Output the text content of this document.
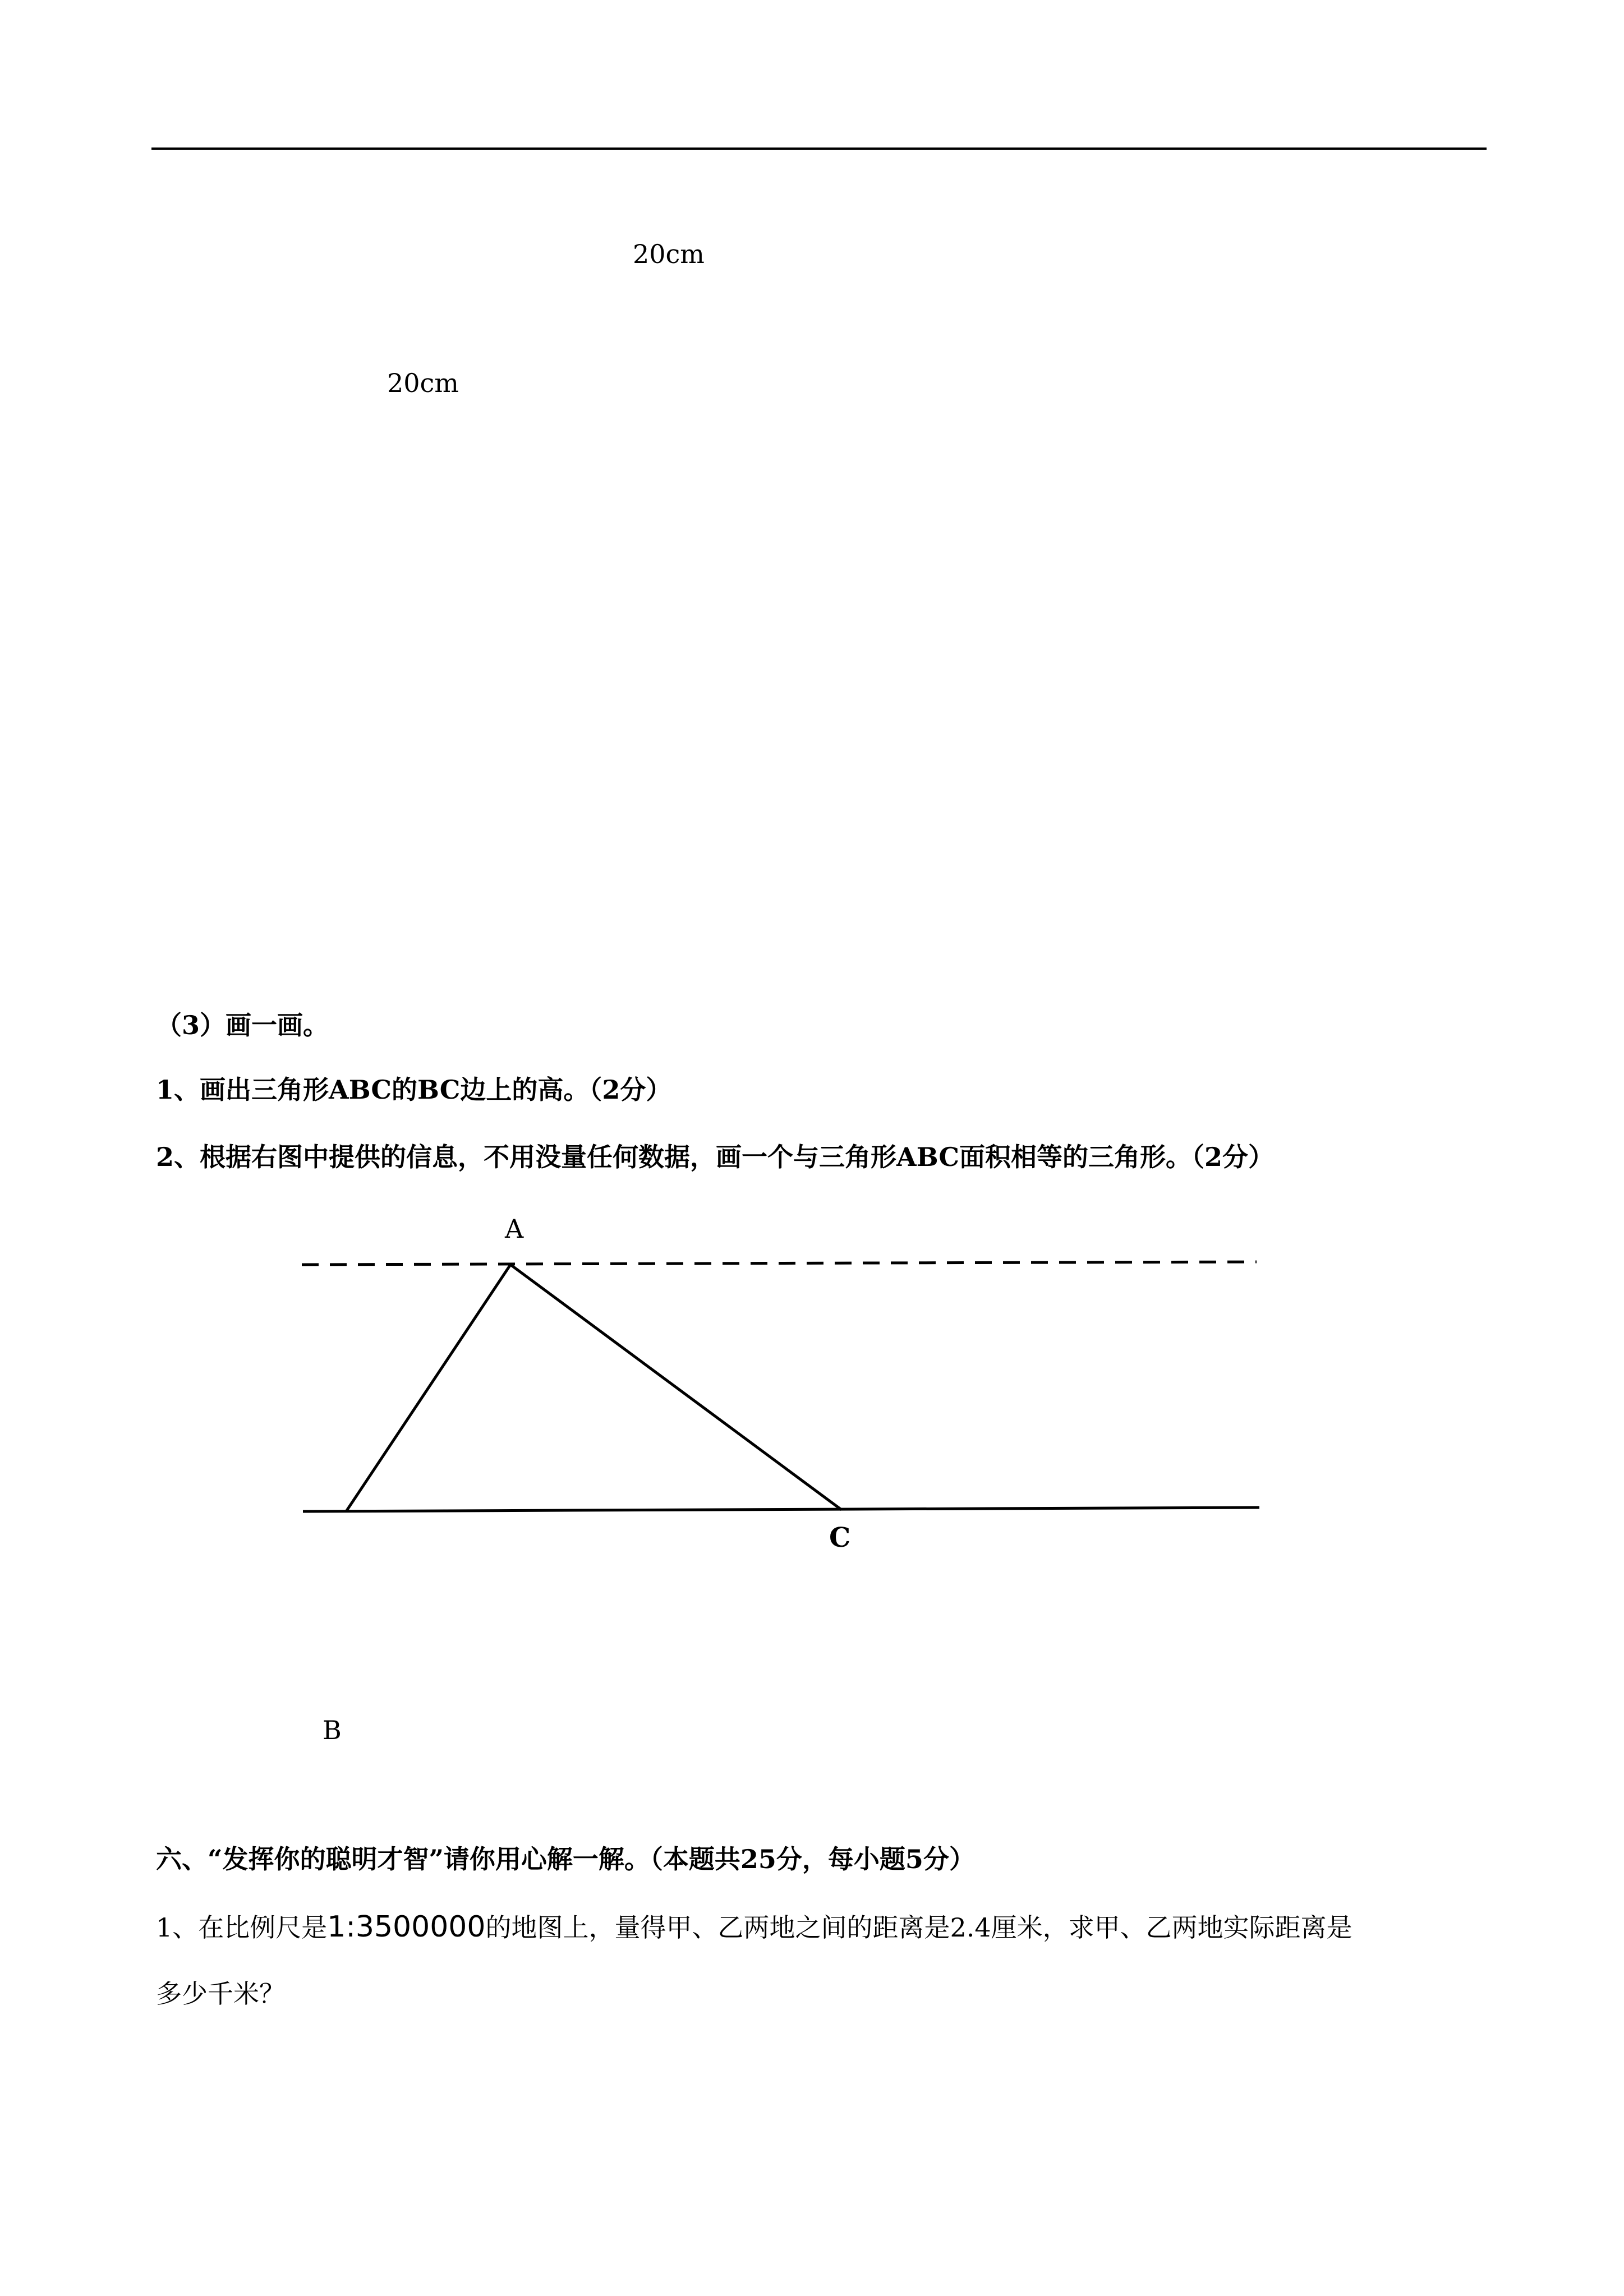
20cm
20cm
（3）画一画。
1、画出三角形ABC的BC边上的高。（2分）
2、根据右图中提供的信息，不用没量任何数据，画一个与三角形ABC面积相等的三角形。（2分）
A
C
B
六、“发挥你的聪明才智”请你用心解一解。（本题共25分，每小题5分）
1、在比例尺是1:3500000的地图上，量得甲、乙两地之间的距离是2.4厘米，求甲、乙两地实际距离是
多少千米？
